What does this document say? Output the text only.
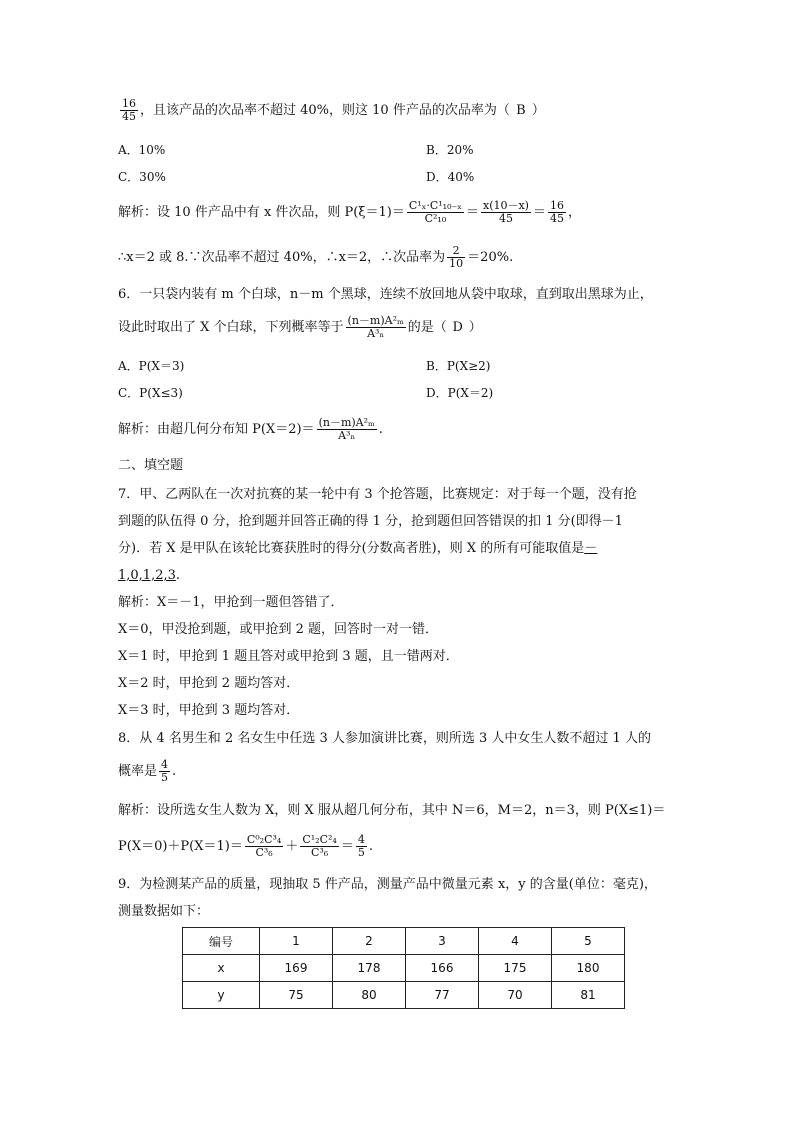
$\frac{16}{45}$ ，且该产品的次品率不超过 40%，则这 10 件产品的次品率为（ B ）
A．10%	B．20%
C．30%	D．40%
解析：设 10 件产品中有 x 件次品，则 $P(\xi=1)= \frac{\text{C¹ₓ·C¹₁₀₋ₓ}}{\text{C²₁₀}} = \frac{x(10-x)}{45} = \frac{16}{45}$ ，
∴x＝2 或 8.∵次品率不超过 40%，∴x＝2，∴次品率为 $\frac{2}{10} =20\%$.
6．一只袋内装有 m 个白球，n－m 个黑球，连续不放回地从袋中取球，直到取出黑球为止，
设此时取出了 X 个白球，下列概率等于 $\frac{\text{(n－m)A²ₘ}}{\text{A³ₙ}}$ 的是（ D ）
A．P(X＝3)	B．P(X≥2)
C．P(X≤3)	D．P(X＝2)
解析：由超几何分布知 $P(X=2)= \frac{\text{(n－m)A²ₘ}}{\text{A³ₙ}}$ .
二、填空题
7．甲、乙两队在一次对抗赛的某一轮中有 3 个抢答题，比赛规定：对于每一个题，没有抢
到题的队伍得 0 分，抢到题并回答正确的得 1 分，抢到题但回答错误的扣 1 分(即得－1
分)．若 X 是甲队在该轮比赛获胜时的得分(分数高者胜)，则 X 的所有可能取值是－
1,0,1,2,3.
解析：X＝－1，甲抢到一题但答错了．
X＝0，甲没抢到题，或甲抢到 2 题，回答时一对一错．
X＝1 时，甲抢到 1 题且答对或甲抢到 3 题，且一错两对．
X＝2 时，甲抢到 2 题均答对．
X＝3 时，甲抢到 3 题均答对．
8．从 4 名男生和 2 名女生中任选 3 人参加演讲比赛，则所选 3 人中女生人数不超过 1 人的
概率是 $\frac{4}{5}$ .
解析：设所选女生人数为 X，则 X 服从超几何分布，其中 N＝6，M＝2，n＝3，则 P(X≤1)＝
$P(X=0)+P(X=1)= \frac{\text{C⁰₂C³₄}}{\text{C³₆}} + \frac{\text{C¹₂C²₄}}{\text{C³₆}} = \frac{4}{5}$ .
9．为检测某产品的质量，现抽取 5 件产品，测量产品中微量元素 x，y 的含量(单位：毫克)，
测量数据如下：
编号	1	2	3	4	5
x	169	178	166	175	180
y	75	80	77	70	81
